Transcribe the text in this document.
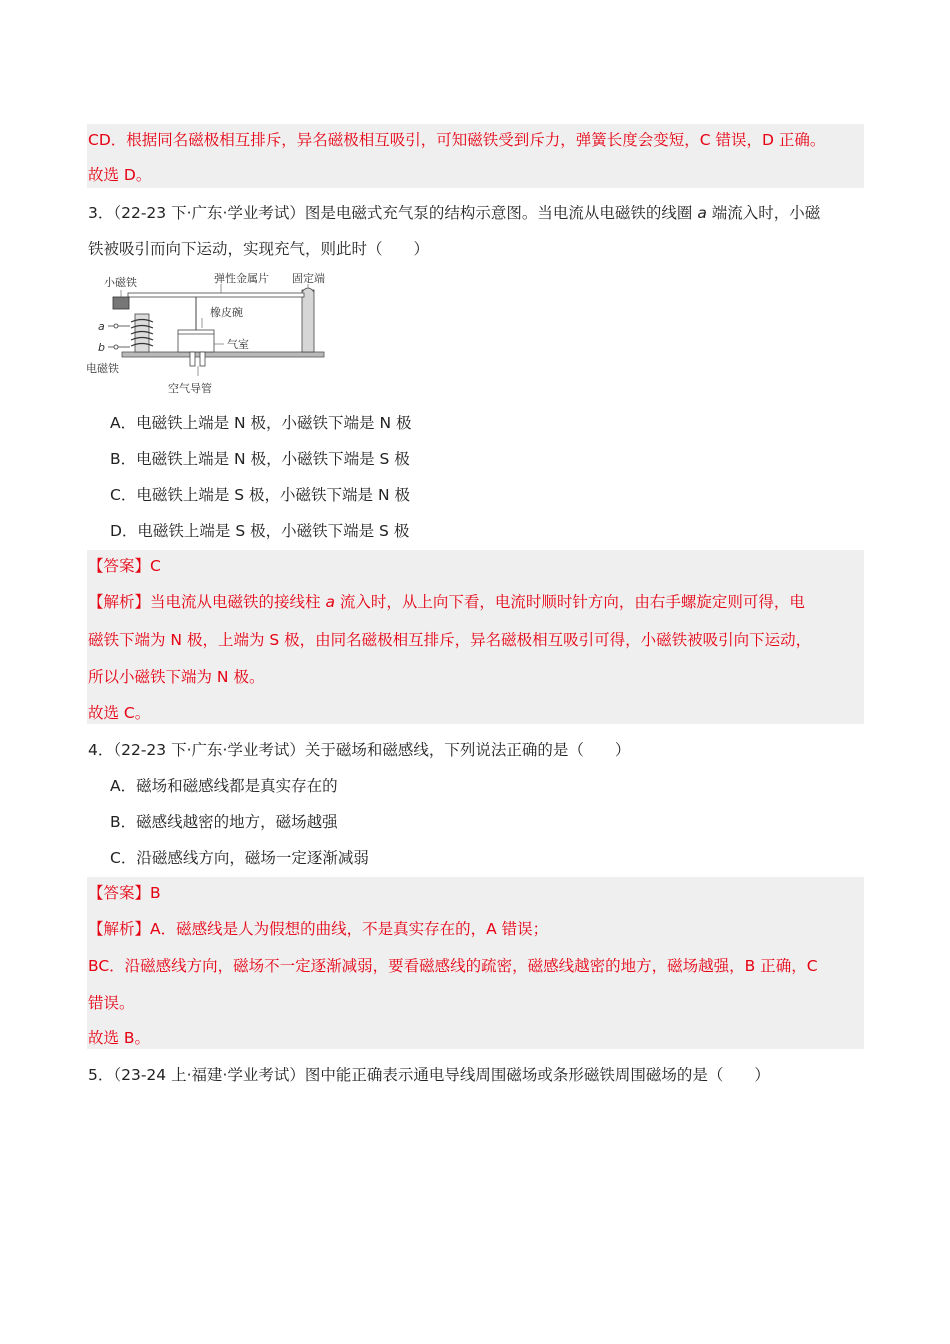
CD．根据同名磁极相互排斥，异名磁极相互吸引，可知磁铁受到斥力，弹簧长度会变短，C 错误，D 正确。
故选 D。
3．（22-23 下·广东·学业考试）图是电磁式充气泵的结构示意图。当电流从电磁铁的线圈 a 端流入时，小磁
铁被吸引而向下运动，实现充气，则此时（　　）
小磁铁	弹性金属片 固定端
橡皮碗
气室
a
b
电磁铁
空气导管
A．电磁铁上端是 N 极，小磁铁下端是 N 极
B．电磁铁上端是 N 极，小磁铁下端是 S 极
C．电磁铁上端是 S 极，小磁铁下端是 N 极
D．电磁铁上端是 S 极，小磁铁下端是 S 极
【答案】C
【解析】当电流从电磁铁的接线柱 a 流入时，从上向下看，电流时顺时针方向，由右手螺旋定则可得，电
磁铁下端为 N 极，上端为 S 极，由同名磁极相互排斥，异名磁极相互吸引可得，小磁铁被吸引向下运动，
所以小磁铁下端为 N 极。
故选 C。
4．（22-23 下·广东·学业考试）关于磁场和磁感线，下列说法正确的是（　　）
A．磁场和磁感线都是真实存在的
B．磁感线越密的地方，磁场越强
C．沿磁感线方向，磁场一定逐渐减弱
【答案】B
【解析】A．磁感线是人为假想的曲线，不是真实存在的，A 错误；
BC．沿磁感线方向，磁场不一定逐渐减弱，要看磁感线的疏密，磁感线越密的地方，磁场越强，B 正确，C
错误。
故选 B。
5．（23-24 上·福建·学业考试）图中能正确表示通电导线周围磁场或条形磁铁周围磁场的是（　　）
